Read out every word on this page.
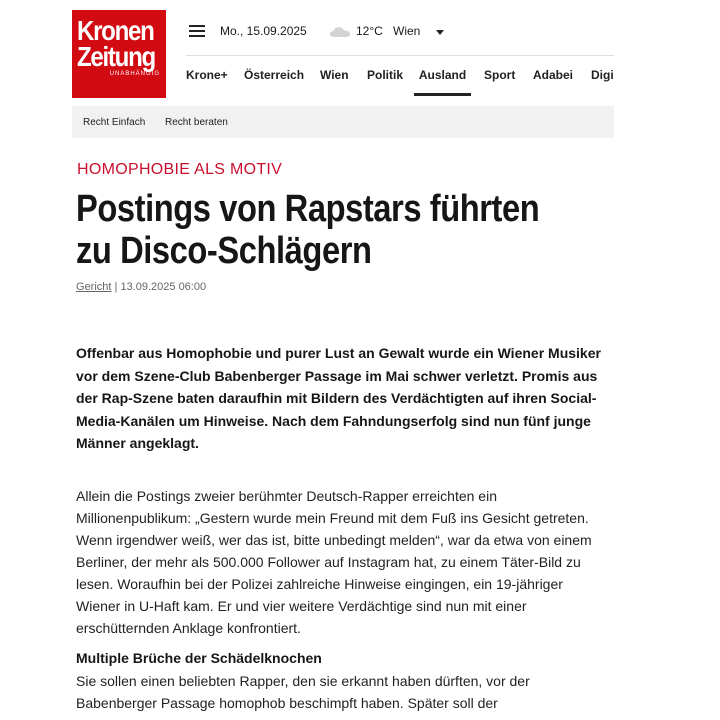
Kronen
Zeitung
UNABHÄNGIG
Mo., 15.09.2025	12°C Wien
Krone+ Österreich Wien Politik	Ausland	Sport Adabei Digi
Recht Einfach Recht beraten
HOMOPHOBIE ALS MOTIV
Postings von Rapstars führten zu Disco-Schlägern
Gericht | 13.09.2025 06:00

Offenbar aus Homophobie und purer Lust an Gewalt wurde ein Wiener Musiker vor dem Szene-Club Babenberger Passage im Mai schwer verletzt. Promis aus der Rap-Szene baten daraufhin mit Bildern des Verdächtigten auf ihren Social-Media-Kanälen um Hinweise. Nach dem Fahndungserfolg sind nun fünf junge Männer angeklagt.

Allein die Postings zweier berühmter Deutsch-Rapper erreichten ein Millionenpublikum: „Gestern wurde mein Freund mit dem Fuß ins Gesicht getreten. Wenn irgendwer weiß, wer das ist, bitte unbedingt melden“, war da etwa von einem Berliner, der mehr als 500.000 Follower auf Instagram hat, zu einem Täter-Bild zu lesen. Woraufhin bei der Polizei zahlreiche Hinweise eingingen, ein 19-jähriger Wiener in U-Haft kam. Er und vier weitere Verdächtige sind nun mit einer erschütternden Anklage konfrontiert.

Multiple Brüche der Schädelknochen

Sie sollen einen beliebten Rapper, den sie erkannt haben dürften, vor der Babenberger Passage homophob beschimpft haben. Später soll der
